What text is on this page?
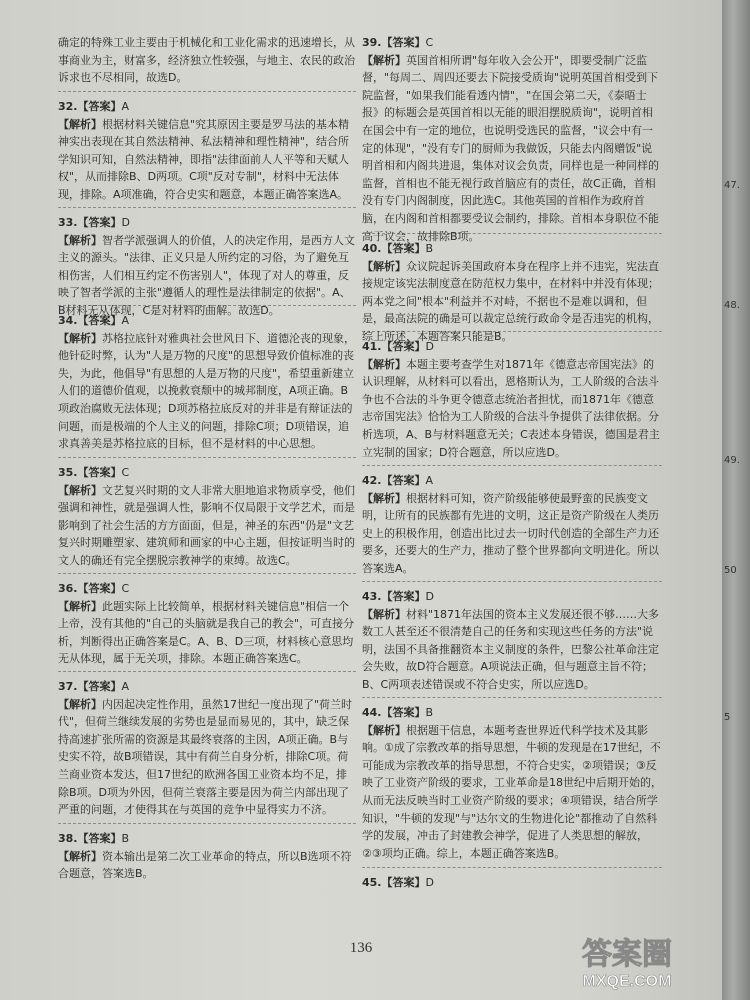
确定的特殊工业主要由于机械化和工业化需求的迅速增长，从事商业为主，财富多，经济独立性较强，与地主、农民的政治诉求也不尽相同，故选D。

32.【答案】A

【解析】根据材料关键信息"究其原因主要是罗马法的基本精神实出表现在其自然法精神、私法精神和理性精神"，结合所学知识可知，自然法精神，即指"法律面前人人平等和天赋人权"，从而排除B、D两项。C项"反对专制"，材料中无法体现，排除。A项准确，符合史实和题意，本题正确答案选A。

33.【答案】D

【解析】智者学派强调人的价值，人的决定作用，是西方人文主义的源头。"法律、正义只是人所约定的习俗，为了避免互相伤害，人们相互约定不伤害别人"，体现了对人的尊重，反映了智者学派的主张"遵循人的理性是法律制定的依据"。A、B材料无从体现，C是对材料的曲解。故选D。

34.【答案】A

【解析】苏格拉底针对雅典社会世风日下、道德沦丧的现象，他针砭时弊，认为"人是万物的尺度"的思想导致价值标准的丧失，为此，他倡导"有思想的人是万物的尺度"，希望重新建立人们的道德价值观，以挽救衰颓中的城邦制度，A项正确。B项政治腐败无法体现；D项苏格拉底反对的并非是有辩证法的问题，而是极端的个人主义的问题，排除C项；D项错误，追求真善美是苏格拉底的目标，但不是材料的中心思想。

35.【答案】C

【解析】文艺复兴时期的文人非常大胆地追求物质享受，他们强调和神性，就是强调人性，影响不仅局限于文学艺术，而是影响到了社会生活的方方面面，但是，神圣的东西"仍是"文艺复兴时期雕塑家、建筑师和画家的中心主题，但按证明当时的文人的确还有完全摆脱宗教神学的束缚。故选C。

36.【答案】C

【解析】此题实际上比较简单，根据材料关键信息"相信一个上帝，没有其他的"自己的头脑就是我自己的教会"，可直接分析，判断得出正确答案是C。A、B、D三项，材料核心意思均无从体现，属于无关项，排除。本题正确答案选C。

37.【答案】A

【解析】内因起决定性作用，虽然17世纪一度出现了"荷兰时代"，但荷兰继续发展的劣势也是显而易见的，其中，缺乏保持高速扩张所需的资源是其最终衰落的主因，A项正确。B与史实不符，故B项错误，其中有荷兰自身分析，排除C项。荷兰商业资本发达，但17世纪的欧洲各国工业资本均不足，排除B项。D项为外因，但荷兰衰落主要是因为荷兰内部出现了严重的问题，才使得其在与英国的竞争中显得实力不济。

38.【答案】B

【解析】资本输出是第二次工业革命的特点，所以B选项不符合题意，答案选B。

39.【答案】C

【解析】英国首相所谓"每年收入会公开"，即要受制广泛监督，"每周二、周四还要去下院接受质询"说明英国首相受到下院监督，"如果我们能看透内情"，"在国会第二天，《泰晤士报》的标题会是英国首相以无能的眼泪摆脱质询"，说明首相在国会中有一定的地位，也说明受选民的监督，"议会中有一定的体现"，"没有专门的厨师为我做饭，只能去内阁赠饭"说明首相和内阁共进退，集体对议会负责，同样也是一种同样的监督，首相也不能无视行政首脑应有的责任，故C正确，首相没有专门内阁制度，因此选C。其他英国的首相作为政府首脑，在内阁和首相都要受议会制约，排除。首相本身职位不能高于议会，故排除B项。

40.【答案】B

【解析】众议院起诉美国政府本身在程序上并不违宪，宪法直接规定该宪法制度意在防范权力集中，在材料中并没有体现；两本党之间"根本"利益并不对峙，不据也不是难以调和，但是，最高法院的确是可以裁定总统行政命令是否违宪的机构，综上所述，本题答案只能是B。

41.【答案】D

【解析】本题主要考查学生对1871年《德意志帝国宪法》的认识理解，从材料可以看出，恩格斯认为，工人阶级的合法斗争也不合法的斗争更令德意志统治者担忧，而1871年《德意志帝国宪法》恰恰为工人阶级的合法斗争提供了法律依据。分析选项，A、B与材料题意无关；C表述本身错误，德国是君主立宪制的国家；D符合题意，所以应选D。

42.【答案】A

【解析】根据材料可知，资产阶级能够使最野蛮的民族变文明，让所有的民族都有先进的文明，这正是资产阶级在人类历史上的积极作用，创造出比过去一切时代创造的全部生产力还要多，还要大的生产力，推动了整个世界都向文明进化。所以答案选A。

43.【答案】D

【解析】材料"1871年法国的资本主义发展还很不够……大多数工人甚至还不很清楚自己的任务和实现这些任务的方法"说明，法国不具备推翻资本主义制度的条件，巴黎公社革命注定会失败，故D符合题意。A项说法正确，但与题意主旨不符；B、C两项表述错误或不符合史实，所以应选D。

44.【答案】B

【解析】根据题干信息，本题考查世界近代科学技术及其影响。①成了宗教改革的指导思想，牛顿的发现是在17世纪，不可能成为宗教改革的指导思想，不符合史实，②项错误；③反映了工业资产阶级的要求，工业革命是18世纪中后期开始的，从而无法反映当时工业资产阶级的要求；④项错误，结合所学知识，"牛顿的发现"与"达尔文的生物进化论"都推动了自然科学的发展，冲击了封建教会神学，促进了人类思想的解放，②③项均正确。综上，本题正确答案选B。

45.【答案】D

136	答案圈
MXQE.COM
47.
48.
49.
50
5
